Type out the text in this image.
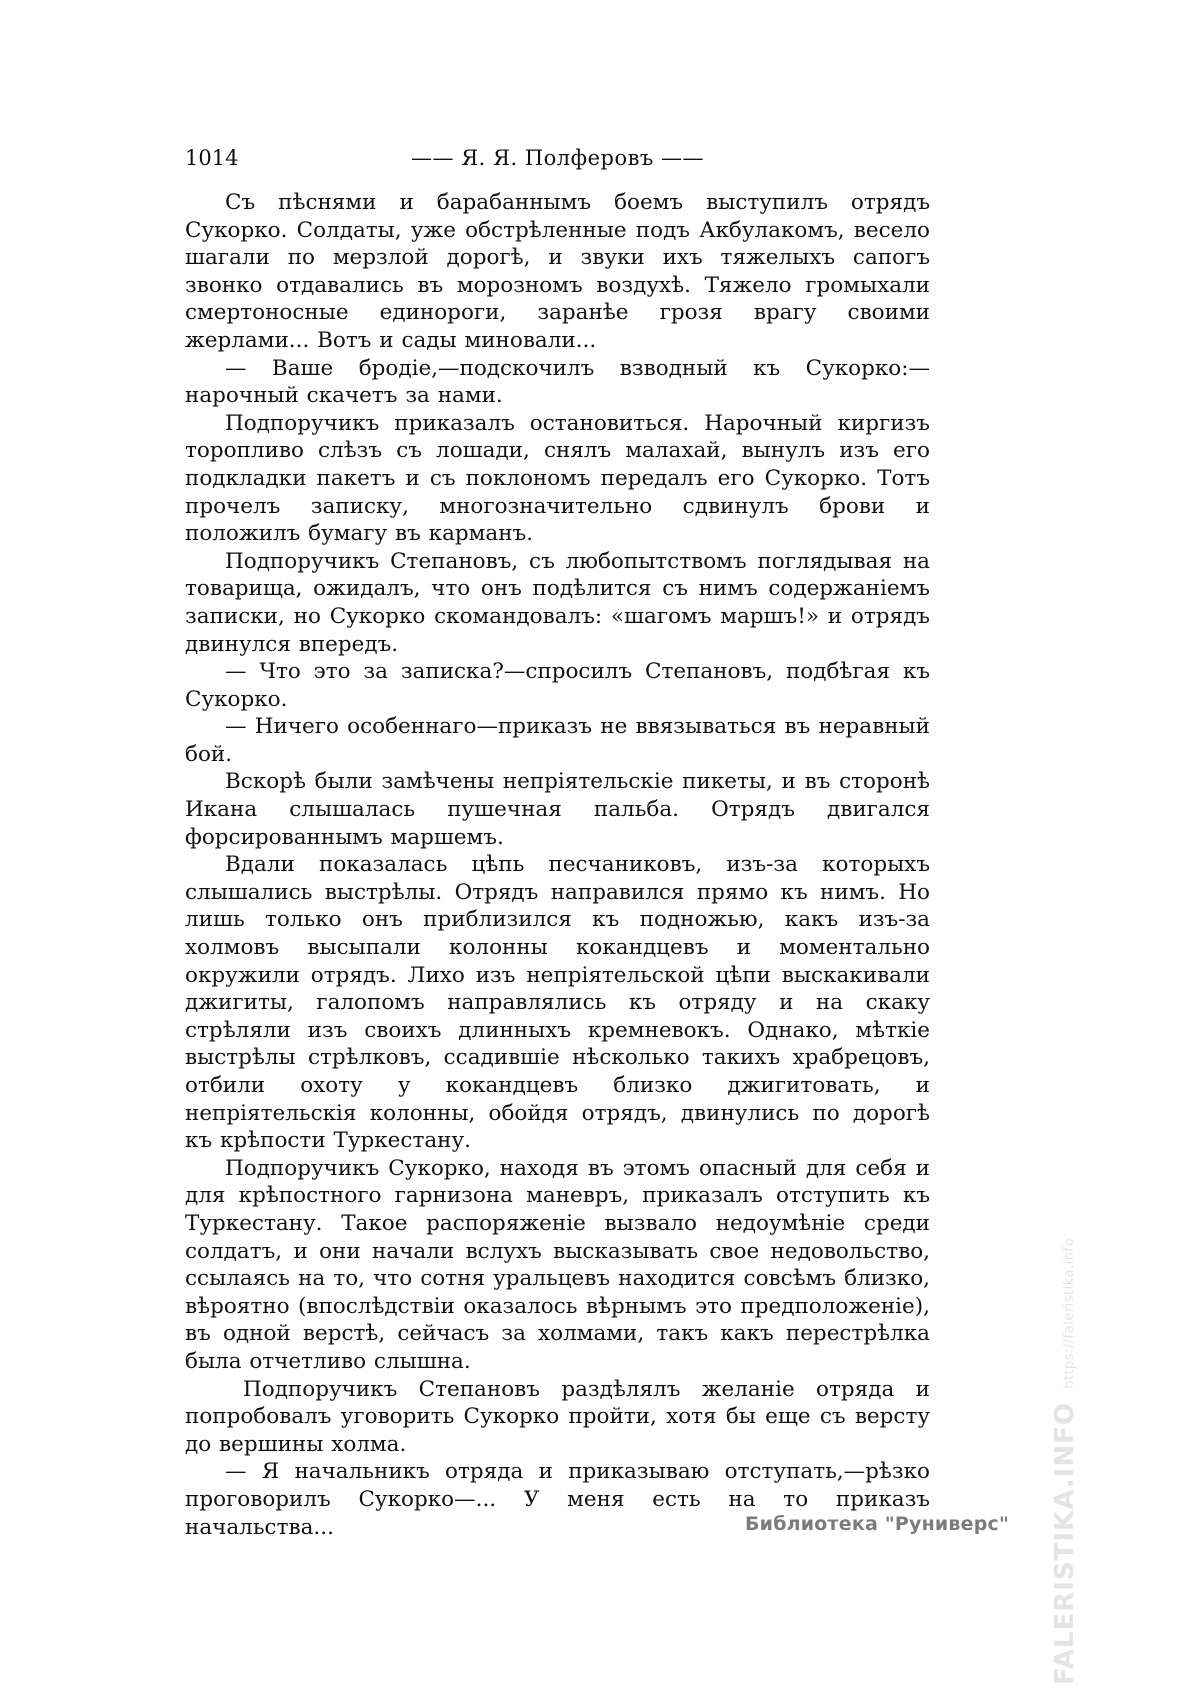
1014	—— Я. Я. Полферовъ ——

Съ пѣснями и барабаннымъ боемъ выступилъ отрядъ Сукорко. Солдаты, уже обстрѣленные подъ Акбулакомъ, весело шагали по мерзлой дорогѣ, и звуки ихъ тяжелыхъ сапогъ звонко отдавались въ морозномъ воздухѣ. Тяжело громыхали смертоносные единороги, заранѣе грозя врагу своими жерлами... Вотъ и сады миновали...

— Ваше бродіе,—подскочилъ взводный къ Сукорко:— нарочный скачетъ за нами.

Подпоручикъ приказалъ остановиться. Нарочный киргизъ торопливо слѣзъ съ лошади, снялъ малахай, вынулъ изъ его подкладки пакетъ и съ поклономъ передалъ его Сукорко. Тотъ прочелъ записку, многозначительно сдвинулъ брови и положилъ бумагу въ карманъ.

Подпоручикъ Степановъ, съ любопытствомъ поглядывая на товарища, ожидалъ, что онъ подѣлится съ нимъ содержаніемъ записки, но Сукорко скомандовалъ: «шагомъ маршъ!» и отрядъ двинулся впередъ.

— Что это за записка?—спросилъ Степановъ, подбѣгая къ Сукорко.

— Ничего особеннаго—приказъ не ввязываться въ неравный бой.

Вскорѣ были замѣчены непріятельскіе пикеты, и въ сторонѣ Икана слышалась пушечная пальба. Отрядъ двигался форсированнымъ маршемъ.

Вдали показалась цѣпь песчаниковъ, изъ-за которыхъ слышались выстрѣлы. Отрядъ направился прямо къ нимъ. Но лишь только онъ приблизился къ подножью, какъ изъ-за холмовъ высыпали колонны кокандцевъ и моментально окружили отрядъ. Лихо изъ непріятельской цѣпи выскакивали джигиты, галопомъ направлялись къ отряду и на скаку стрѣляли изъ своихъ длинныхъ кремневокъ. Однако, мѣткіе выстрѣлы стрѣлковъ, ссадившіе нѣсколько такихъ храбрецовъ, отбили охоту у кокандцевъ близко джигитовать, и непріятельскія колонны, обойдя отрядъ, двинулись по дорогѣ къ крѣпости Туркестану.

Подпоручикъ Сукорко, находя въ этомъ опасный для себя и для крѣпостного гарнизона маневръ, приказалъ отступить къ Туркестану. Такое распоряженіе вызвало недоумѣніе среди солдатъ, и они начали вслухъ высказывать свое недовольство, ссылаясь на то, что сотня уральцевъ находится совсѣмъ близко, вѣроятно (впослѣдствіи оказалось вѣрнымъ это предположеніе), въ одной верстѣ, сейчасъ за холмами, такъ какъ перестрѣлка была отчетливо слышна.

Подпоручикъ Степановъ раздѣлялъ желаніе отряда и попробовалъ уговорить Сукорко пройти, хотя бы еще съ версту до вершины холма.

— Я начальникъ отряда и приказываю отступать,—рѣзко проговорилъ Сукорко—... У меня есть на то приказъ начальства...	Библиотека "Руниверс" FALERISTIKA.INFO https://faleristika.info
